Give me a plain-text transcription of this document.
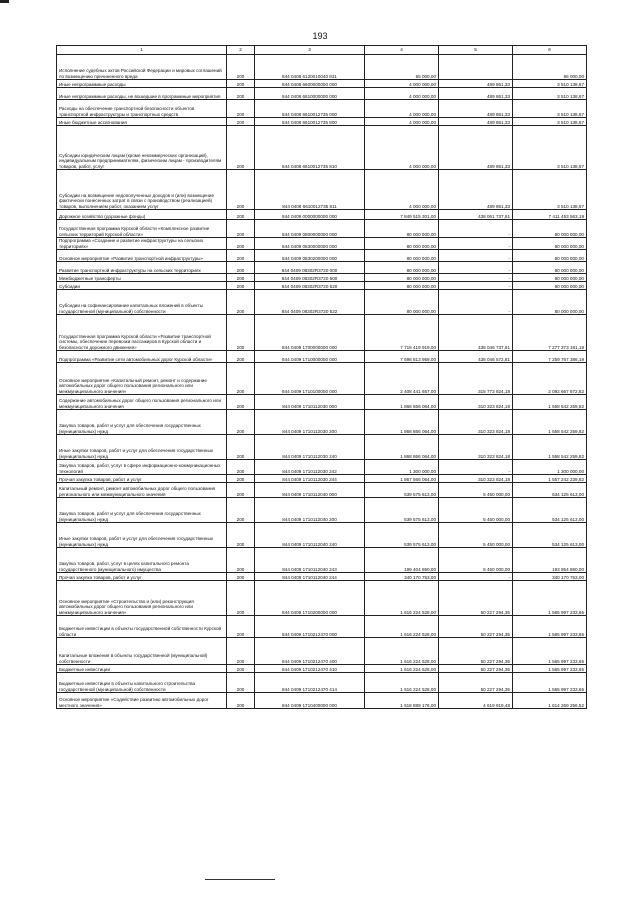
193
1	2	3	4	5	6
Исполнение судебных актов Российской Федерации и мировых соглашений по возмещению причиненного вреда	200	844 0408 6120010040 831	65 000,00		65 000,00
Иные непрограммные расходы	200	844 0408 6600000000 000	4 000 000,00	489 861,33	3 510 138,67
Иные непрограммные расходы, не вошедшие в программные мероприятия	200	844 0408 6610000000 000	4 000 000,00	489 861,33	3 510 138,67
Расходы на обеспечение транспортной безопасности объектов транспортной инфраструктуры и транспортных средств	200	844 0408 6610012735 000	4 000 000,00	489 861,33	3 510 138,67
Иные бюджетные ассигнования	200	844 0408 6610012735 800	4 000 000,00	489 861,33	3 510 138,67
Субсидии юридическим лицам (кроме некоммерческих организаций), индивидуальным предпринимателям, физическим лицам - производителям товаров, работ, услуг	200	844 0408 6610012735 810	4 000 000,00	489 861,33	3 510 138,67
Субсидии на возмещение недополученных доходов и (или) возмещение фактически понесенных затрат в связи с производством (реализацией) товаров, выполнением работ, оказанием услуг	200	844 0408 6610012735 811	4 000 000,00	489 861,33	3 510 138,67
Дорожное хозяйство (дорожные фонды)	200	844 0409 0000000000 000	7 849 515 301,00	438 061 737,81	7 411 453 563,19
Государственная программа Курской области «Комплексное развитие сельских территорий Курской области»	200	844 0409 0800000000 000	80 000 000,00	-	80 000 000,00
Подпрограмма «Создание и развитие инфраструктуры на сельских территориях»	200	844 0409 0830000000 000	80 000 000,00	-	80 000 000,00
Основное мероприятие «Развитие транспортной инфраструктуры»	200	844 0409 0830200000 000	80 000 000,00	-	80 000 000,00
Развитие транспортной инфраструктуры на сельских территориях	200	844 0409 08302R3720 000	80 000 000,00	-	80 000 000,00
Межбюджетные трансферты	200	844 0409 08302R3720 500	80 000 000,00	-	80 000 000,00
Субсидии	200	844 0409 08302R3720 520	80 000 000,00	-	80 000 000,00
Субсидии на софинансирование капитальных вложений в объекты государственной (муниципальной) собственности	200	844 0409 08302R3720 522	80 000 000,00	-	80 000 000,00
Государственная программа Курской области «Развитие транспортной системы, обеспечение перевозки пассажиров в Курской области и безопасности дорожного движения»	200	844 0409 1700000000 000	7 715 419 919,00	438 046 737,81	7 277 373 181,19
Подпрограмма «Развитие сети автомобильных дорог Курской области»	200	844 0409 1710000000 000	7 698 813 959,00	438 046 572,81	7 259 767 386,19
Основное мероприятие «Капитальный ремонт, ремонт и содержание автомобильных дорог общего пользования регионального или межмуниципального значения»	200	844 0409 1710100000 000	2 408 441 657,00	315 773 824,18	2 092 667 872,82
Содержание автомобильных дорог общего пользования регионального или межмуниципального значения	200	844 0409 1710112030 000	1 868 866 064,00	310 323 824,18	1 558 542 259,82
Закупка товаров, работ и услуг для обеспечения государственных (муниципальных) нужд	200	844 0409 1710112030 200	1 868 866 064,00	310 323 824,18	1 558 542 259,82
Иные закупки товаров, работ и услуг для обеспечения государственных (муниципальных) нужд	200	844 0409 1710112030 240	1 868 866 064,00	310 323 824,18	1 558 542 259,82
Закупка товаров, работ, услуг в сфере информационно-коммуникационных технологий	200	844 0409 1710112030 242	1 300 000,00	-	1 300 000,00
Прочая закупка товаров, работ и услуг	200	844 0409 1710112030 244	1 867 566 064,00	310 323 824,18	1 557 242 239,82
Капитальный ремонт, ремонт автомобильных дорог общего пользования регионального или межмуниципального значения	200	844 0409 1710112040 000	539 575 613,00	5 450 000,00	534 125 613,00
Закупка товаров, работ и услуг для обеспечения государственных (муниципальных) нужд	200	844 0409 1710112040 200	539 575 613,00	5 450 000,00	534 125 613,00
Иные закупки товаров, работ и услуг для обеспечения государственных (муниципальных) нужд	200	844 0409 1710112040 240	539 575 613,00	5 450 000,00	534 125 613,00
Закупка товаров, работ, услуг в целях капитального ремонта государственного (муниципального) имущества	200	844 0409 1710112040 243	199 404 860,00	5 450 000,00	193 954 860,00
Прочая закупка товаров, работ и услуг	200	844 0409 1710112040 244	340 170 753,00	-	340 170 753,00
Основное мероприятие «Строительство и (или) реконструкция автомобильных дорог общего пользования регионального или межмуниципального значения»	200	844 0409 1710200000 000	1 616 224 528,00	50 227 294,35	1 565 997 233,65
Бюджетные инвестиции в объекты государственной собственности Курской области	200	844 0409 1710212470 000	1 616 224 528,00	50 227 294,35	1 565 997 233,65
Капитальные вложения в объекты государственной (муниципальной) собственности	200	844 0409 1710212470 400	1 616 224 528,00	50 227 294,35	1 565 997 233,65
Бюджетные инвестиции	200	844 0409 1710212470 410	1 616 224 528,00	50 227 294,35	1 565 997 233,65
Бюджетные инвестиции в объекты капитального строительства государственной (муниципальной) собственности	200	844 0409 1710212470 414	1 616 224 528,00	50 227 294,35	1 565 997 233,65
Основное мероприятие «Содействие развитию автомобильных дорог местного значения»	200	844 0409 1710400000 000	1 618 889 176,00	4 619 919,48	1 614 269 256,52
